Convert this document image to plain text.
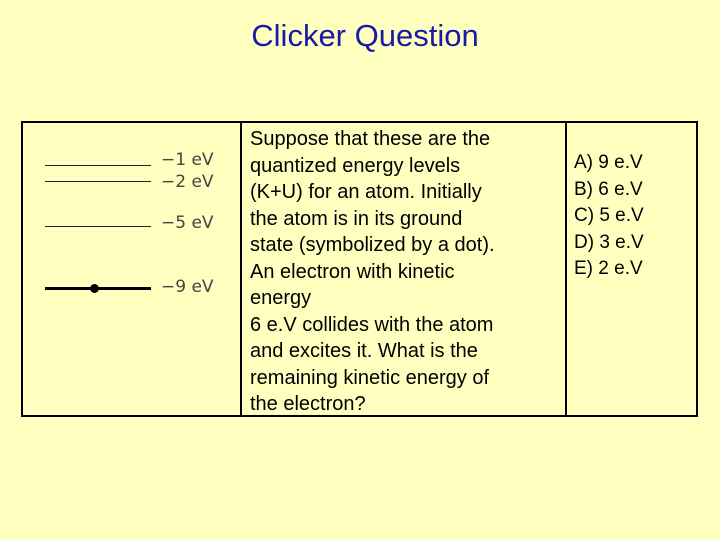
Clicker Question
−1 eV
−2 eV
−5 eV
−9 eV
Suppose that these are the
quantized energy levels
(K+U) for an atom. Initially
the atom is in its ground
state (symbolized by a dot).
An electron with kinetic
energy
6 e.V collides with the atom
and excites it. What is the
remaining kinetic energy of
the electron?
A) 9 e.V
B) 6 e.V
C) 5 e.V
D) 3 e.V
E) 2 e.V
